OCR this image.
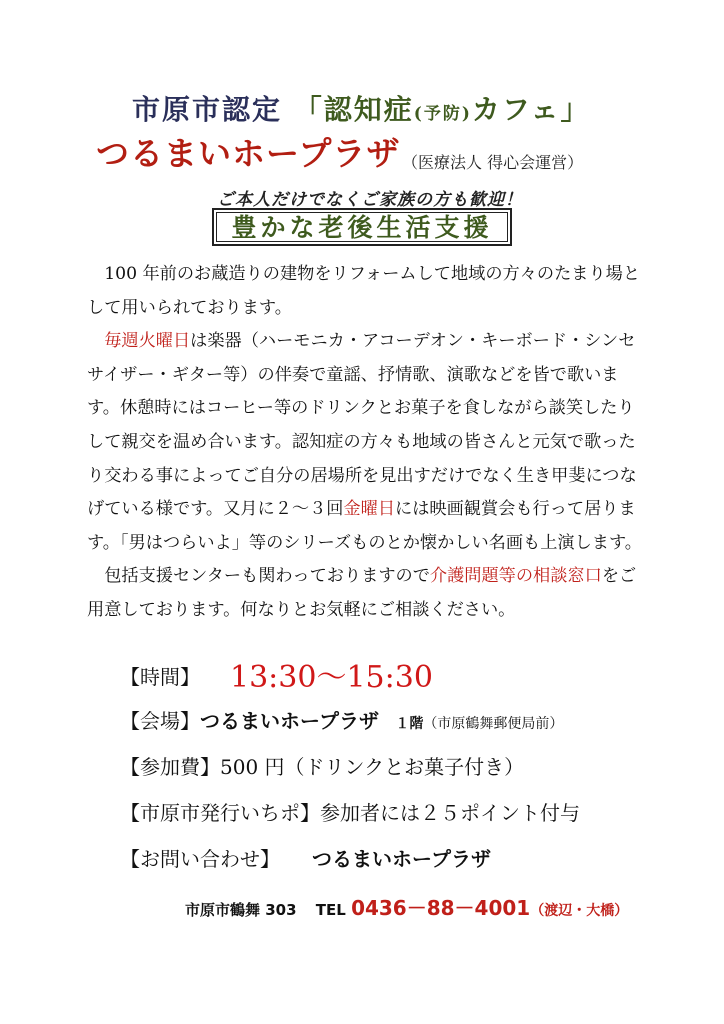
市原市認定 「認知症(予防)カフェ」
つるまいホープラザ （医療法人 得心会運営）
ご本人だけでなくご家族の方も歓迎！
豊かな老後生活支援

　100 年前のお蔵造りの建物をリフォームして地域の方々のたまり場として用いられております。

　毎週火曜日は楽器（ハーモニカ・アコーデオン・キーボード・シンセサイザー・ギター等）の伴奏で童謡、抒情歌、演歌などを皆で歌います。休憩時にはコーヒー等のドリンクとお菓子を食しながら談笑したりして親交を温め合います。認知症の方々も地域の皆さんと元気で歌ったり交わる事によってご自分の居場所を見出すだけでなく生き甲斐につなげている様です。又月に２～３回金曜日には映画観賞会も行って居ります。「男はつらいよ」等のシリーズものとか懐かしい名画も上演します。

　包括支援センターも関わっておりますので介護問題等の相談窓口をご用意しております。何なりとお気軽にご相談ください。

【時間】 13:30～15:30
【会場】つるまいホープラザ １階（市原鶴舞郵便局前）
【参加費】500 円（ドリンクとお菓子付き）
【市原市発行いちポ】参加者には２５ポイント付与
【お問い合わせ】 つるまいホープラザ
市原市鶴舞 303 TEL 0436－88－4001（渡辺・大橋）
